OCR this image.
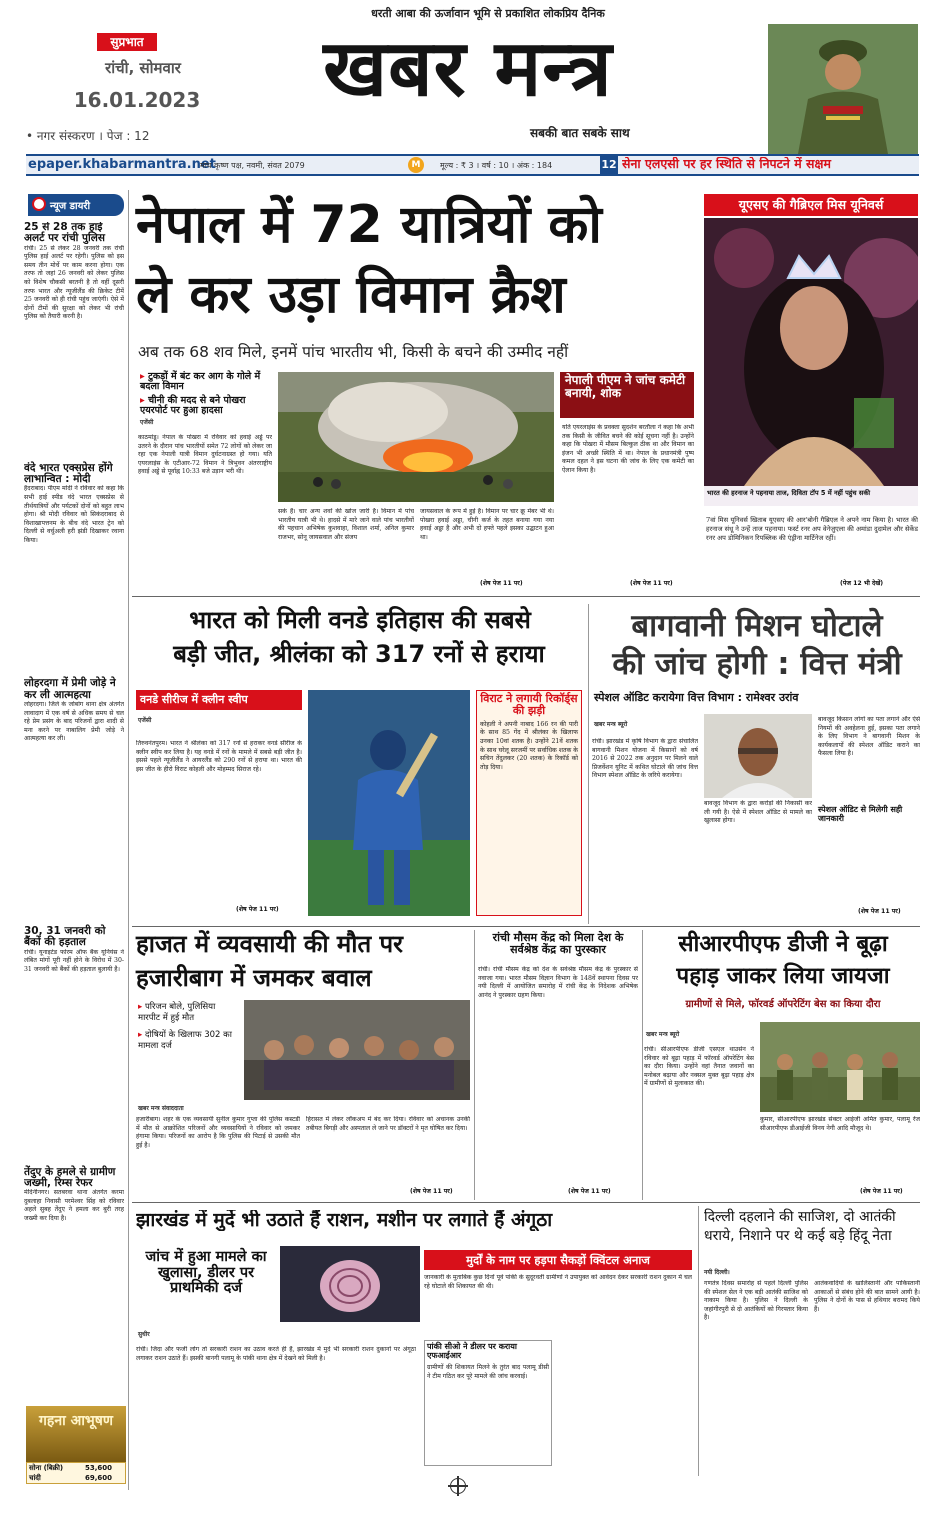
सुप्रभात
रांची, सोमवार
16.01.2023
धरती आबा की ऊर्जावान भूमि से प्रकाशित लोकप्रिय दैनिक
खबर मन्त्र
सबकी बात सबके साथ
• नगर संस्करण । पेज : 12
epaper.khabarmantra.net
माघ कृष्ण पक्ष, नवमी, संवत 2079	M	मूल्य : ₹ 3 । वर्ष : 10 । अंक : 184	12 सेना एलएसी पर हर स्थिति से निपटने में सक्षम
न्यूज डायरी
25 से 28 तक हाई अलर्ट पर रांची पुलिस
रांची। 25 से लेकर 28 जनवरी तक रांची पुलिस हाई अलर्ट पर रहेगी। पुलिस को इस समय तीन मोर्चे पर काम करना होगा। एक तरफ तो जहां 26 जनवरी को लेकर पुलिस को विशेष चौकसी बरतनी है तो वहीं दूसरी तरफ भारत और न्यूजीलैंड की क्रिकेट टीमें 25 जनवरी को ही रांची पहुंच जाएंगी। ऐसे में दोनों टीमों की सुरक्षा को लेकर भी रांची पुलिस को तैयारी करनी है।
वंदे भारत एक्सप्रेस होंगे लाभान्वित : मोदी
हैदराबाद। पीएम मोदी ने रविवार को कहा कि सभी हाई स्पीड वंदे भारत एक्सप्रेस से तीर्थयात्रियों और पर्यटकों दोनों को बहुत लाभ होगा। श्री मोदी रविवार को सिकंदराबाद से विशाखापत्तनम के बीच वंदे भारत ट्रेन को दिल्ली से वर्चुअली हरी झंडी दिखाकर रवाना किया।
लोहरदगा में प्रेमी जोड़े ने कर ली आत्महत्या
लोहरदगा। जिले के जोबांग थाना क्षेत्र अंतर्गत लावादाग में एक वर्ष से अधिक समय से चल रहे प्रेम प्रसंग के बाद परिजनों द्वारा शादी से मना करने पर नाबालिग प्रेमी जोड़े ने आत्महत्या कर ली।
30, 31 जनवरी को बैंकों की हड़ताल
रांची। यूनाइटेड फोरम ऑफ बैंक यूनियंस ने लंबित मांगों पूरी नहीं होने के विरोध में 30-31 जनवरी को बैंकों की हड़ताल बुलायी है।
तेंदुए के हमले से ग्रामीण जख्मी, रिम्स रेफर
मेदिनीनगर। सतबरवा थाना अंतर्गत करमा दुबलाहा निवासी परमेश्वर सिंह को रविवार अहले सुबह तेंदुए ने हमला कर बुरी तरह जख्मी कर दिया है।
गहना आभूषण
सोना (बिक्री)	53,600
चांदी	69,600
नेपाल में 72 यात्रियों को
ले कर उड़ा विमान क्रैश
अब तक 68 शव मिले, इनमें पांच भारतीय भी, किसी के बचने की उम्मीद नहीं
▸ टुकड़ों में बंट कर आग के गोले में बदला विमान
▸ चीनी की मदद से बने पोखरा एयरपोर्ट पर हुआ हादसा
एजेंसी
काठमांडू। नेपाल के पोखरा में रविवार को हवाई अड्डे पर उतरने के दौरान पांच भारतीयों समेत 72 लोगों को लेकर जा रहा एक नेपाली यात्री विमान दुर्घटनाग्रस्त हो गया। यति एयरलाइंस के एटीआर-72 विमान ने त्रिभुवन अंतरराष्ट्रीय हवाई अड्डे से पूर्वाह्न 10:33 बजे उड़ान भरी थी।
सके हैं। चार अन्य शवों की खोज जारी है। विमान में पांच भारतीय यात्री भी थे। हादसे में मारे जाने वाले पांच भारतीयों की पहचान अभिषेक कुशवाहा, विशाल शर्मा, अनिल कुमार राजभर, सोनू जायसवाल और संजय
जायसवाल के रूप में हुई है। विमान पर चार क्रू मेंबर भी थे। पोखरा हवाई अड्डा, चीनी कर्ज के तहत बनाया गया नया हवाई अड्डा है और अभी दो हफ्ते पहले इसका उद्घाटन हुआ था।
(शेष पेज 11 पर)
नेपाली पीएम ने जांच कमेटी बनायी, शोक
यति एयरलाइंस के प्रवक्ता सुदर्शन बरतौला ने कहा कि अभी तक किसी के जीवित बचने की कोई सूचना नहीं है। उन्होंने कहा कि पोखरा में मौसम बिल्कुल ठीक था और विमान का इंजन भी अच्छी स्थिति में था। नेपाल के प्रधानमंत्री पुष्प कमल दहल ने इस घटना की जांच के लिए एक कमेटी का ऐलान किया है।
(शेष पेज 11 पर)
यूएसए की गैब्रिएल मिस यूनिवर्स
भारत की हरनाज ने पहनाया ताज, दिविता टॉप 5 में नहीं पहुंच सकी
7वां मिस यूनिवर्स खिताब यूएसए की आर'बोनी गैब्रिएल ने अपने नाम किया है। भारत की हरनाज संधू ने उन्हें ताज पहनाया। फर्स्ट रनर अप वेनेजुएला की अमांडा दुदामेल और सेकेंड रनर अप डोमिनिकन रिपब्लिक की एंड्रीना मार्टिनेज रहीं।
(पेज 12 भी देखें)
भारत को मिली वनडे इतिहास की सबसे
बड़ी जीत, श्रीलंका को 317 रनों से हराया
वनडे सीरीज में क्लीन स्वीप
एजेंसी
तिरुवनंतपुरम। भारत ने श्रीलंका को 317 रनों से हराकर वनडे सीरीज के क्लीन स्वीप कर लिया है। यह वनडे में रनों के मामले में सबसे बड़ी जीत है। इससे पहले न्यूजीलैंड ने आयरलैंड को 290 रनों से हराया था। भारत की इस जीत के हीरो विराट कोहली और मोहम्मद सिराज रहे।
(शेष पेज 11 पर)
विराट ने लगायी रिकॉर्ड्स की झड़ी
कोहली ने अपनी नाबाद 166 रन की पारी के साथ 85 गेंद में श्रीलंका के खिलाफ उनका 10वां शतक है। उन्होंने 21वें शतक के साथ घरेलू सरजमीं पर सर्वाधिक शतक के सचिन तेंदुलकर (20 शतक) के रिकॉर्ड को तोड़ दिया।
बागवानी मिशन घोटाले
की जांच होगी : वित्त मंत्री
स्पेशल ऑडिट करायेगा वित्त विभाग : रामेश्वर उरांव
खबर मन्त्र ब्यूरो
रांची। झारखंड में कृषि विभाग के द्वारा संचालित बागवानी मिशन योजना में किसानों को वर्ष 2016 से 2022 तक अनुदान पर मिलने वाले प्रिजर्वेशन यूनिट में कथित घोटाले की जांच वित्त विभाग स्पेशल ऑडिट के जरिये करायेगा।
बावजूद विभाग के द्वारा करोड़ों की निकासी कर ली गयी है। ऐसे में स्पेशल ऑडिट से मामले का खुलासा होगा।
बावजूद किसान लोगों का पता लगाने और ऐसे नियमों की अवहेलना हुई, इसका पता लगाने के लिए विभाग ने बागवानी मिशन के कार्यकलापों की स्पेशल ऑडिट कराने का फैसला लिया है।
स्पेशल ऑडिट से मिलेगी सही जानकारी
(शेष पेज 11 पर)
हाजत में व्यवसायी की मौत पर
हजारीबाग में जमकर बवाल
▸ परिजन बोले, पुलिसिया मारपीट में हुई मौत
▸ दोषियों के खिलाफ 302 का मामला दर्ज
खबर मन्त्र संवाददाता
हजारीबाग। शहर के एक व्यवसायी सुनील कुमार गुप्ता की पुलिस कस्टडी में मौत से आक्रोशित परिजनों और व्यवसायियों ने रविवार को जमकर हंगामा किया। परिजनों का आरोप है कि पुलिस की पिटाई से उसकी मौत हुई है।
हिरासत में लेकर लॉकअप में बंद कर दिया। रविवार को अचानक उनकी तबीयत बिगड़ी और अस्पताल ले जाने पर डॉक्टरों ने मृत घोषित कर दिया।
(शेष पेज 11 पर)
रांची मौसम केंद्र को मिला देश के सर्वश्रेष्ठ केंद्र का पुरस्कार
रांची। रांची मौसम केंद्र को देश के सर्वश्रेष्ठ मौसम केंद्र के पुरस्कार से नवाजा गया। भारत मौसम विज्ञान विभाग के 148वें स्थापना दिवस पर नयी दिल्ली में आयोजित समारोह में रांची केंद्र के निदेशक अभिषेक आनंद ने पुरस्कार ग्रहण किया।
(शेष पेज 11 पर)
सीआरपीएफ डीजी ने बूढ़ा
पहाड़ जाकर लिया जायजा
ग्रामीणों से मिले, फॉरवर्ड ऑपरेटिंग बेस का किया दौरा
खबर मन्त्र ब्यूरो
रांची। सीआरपीएफ डीजी एसएल थाउसेन ने रविवार को बूढ़ा पहाड़ में फॉरवर्ड ऑपरेटिंग बेस का दौरा किया। उन्होंने वहां तैनात जवानों का मनोबल बढ़ाया और नक्सल मुक्त बूढ़ा पहाड़ क्षेत्र में ग्रामीणों से मुलाकात की।
कुमार, सीआरपीएफ झारखंड सेक्टर आईजी अमित कुमार, पलामू रेंज सीआरपीएफ डीआईजी विनय नेगी आदि मौजूद थे।
(शेष पेज 11 पर)
झारखंड में मुर्दे भी उठाते हैं राशन, मशीन पर लगाते हैं अंगूठा
जांच में हुआ मामले का खुलासा, डीलर पर प्राथमिकी दर्ज
मुर्दों के नाम पर हड़पा सैकड़ों क्विंटल अनाज
सुधीर
रांची। जिंदा और फर्जी लोग तो सरकारी राशन का उठाव करते ही हैं, झारखंड में मुर्दे भी सरकारी राशन दुकानों पर अंगूठा लगाकर राशन उठाते हैं। इसकी बानगी पलामू के पांकी थाना क्षेत्र में देखने को मिली है।
जानकारी के मुताबिक कुछ दिनों पूर्व पांकी के सुदूरवर्ती ग्रामीणों ने उपायुक्त को आवेदन देकर सरकारी राशन दुकान में चल रहे घोटाले की शिकायत की थी।
पांकी सीओ ने डीलर पर कराया एफआईआर
ग्रामीणों की शिकायत मिलने के तुरंत बाद पलामू डीसी ने टीम गठित कर पूरे मामले की जांच करवाई।
दिल्ली दहलाने की साजिश, दो आतंकी धराये, निशाने पर थे कई बड़े हिंदू नेता
नयी दिल्ली।
गणतंत्र दिवस समारोह से पहले दिल्ली पुलिस की स्पेशल सेल ने एक बड़ी आतंकी साजिश को नाकाम किया है। पुलिस ने दिल्ली के जहांगीरपुरी से दो आतंकियों को गिरफ्तार किया है।
आतंकवादियों के खालिस्तानी और पाकिस्तानी आकाओं से संबंध होने की बात सामने आयी है। पुलिस ने दोनों के पास से हथियार बरामद किये हैं।
